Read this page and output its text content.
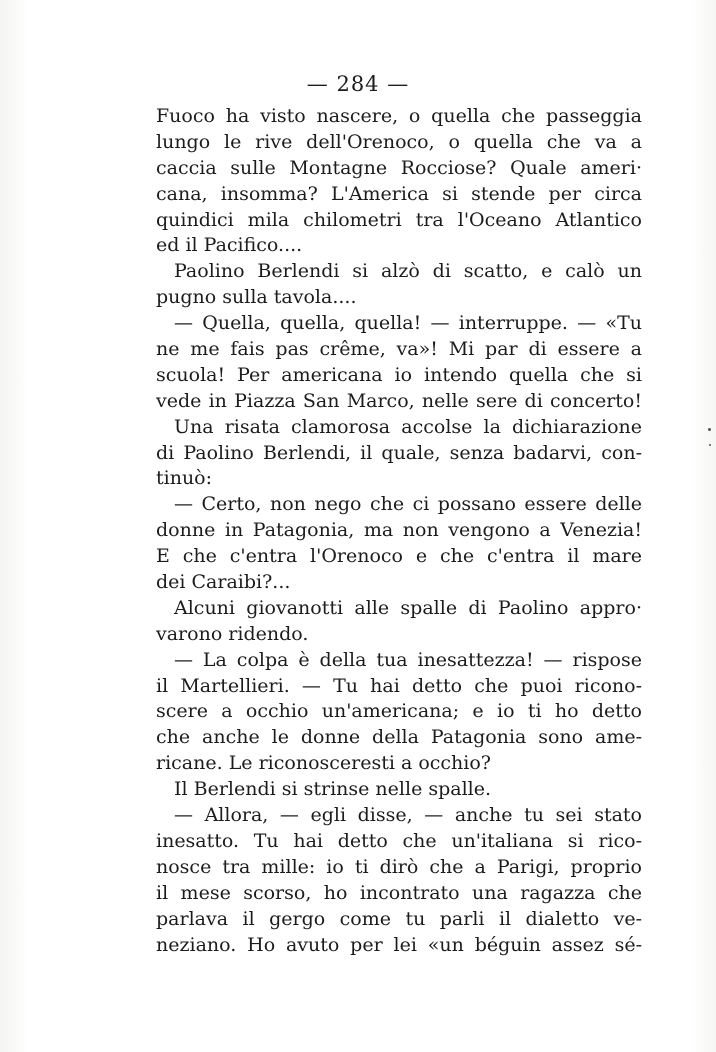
— 284 —
Fuoco ha visto nascere, o quella che passeggia
lungo le rive dell'Orenoco, o quella che va a
caccia sulle Montagne Rocciose? Quale ameri·
cana, insomma? L'America si stende per circa
quindici mila chilometri tra l'Oceano Atlantico
ed il Pacifico....
Paolino Berlendi si alzò di scatto, e calò un
pugno sulla tavola....
— Quella, quella, quella! — interruppe. — «Tu
ne me fais pas crême, va»! Mi par di essere a
scuola! Per americana io intendo quella che si
vede in Piazza San Marco, nelle sere di concerto!
Una risata clamorosa accolse la dichiarazione
di Paolino Berlendi, il quale, senza badarvi, con-
tinuò:
— Certo, non nego che ci possano essere delle
donne in Patagonia, ma non vengono a Venezia!
E che c'entra l'Orenoco e che c'entra il mare
dei Caraibi?...
Alcuni giovanotti alle spalle di Paolino appro·
varono ridendo.
— La colpa è della tua inesattezza! — rispose
il Martellieri. — Tu hai detto che puoi ricono-
scere a occhio un'americana; e io ti ho detto
che anche le donne della Patagonia sono ame-
ricane. Le riconosceresti a occhio?
Il Berlendi si strinse nelle spalle.
— Allora, — egli disse, — anche tu sei stato
inesatto. Tu hai detto che un'italiana si rico-
nosce tra mille: io ti dirò che a Parigi, proprio
il mese scorso, ho incontrato una ragazza che
parlava il gergo come tu parli il dialetto ve-
neziano. Ho avuto per lei «un béguin assez sé-
